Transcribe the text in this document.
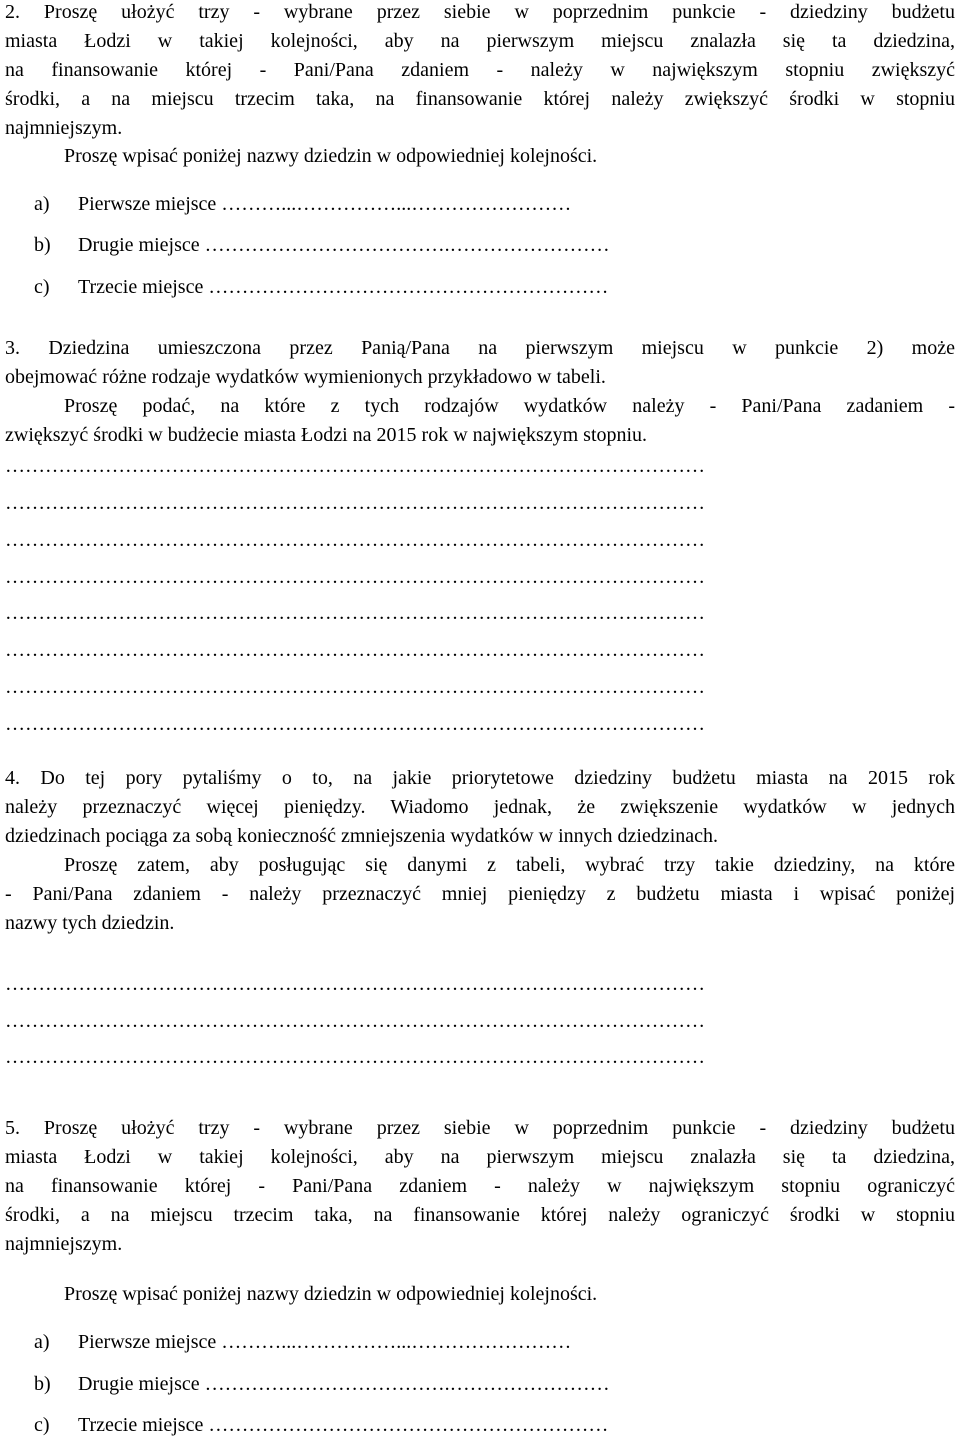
2. Proszę ułożyć trzy - wybrane przez siebie w poprzednim punkcie - dziedziny budżetu
miasta Łodzi w takiej kolejności, aby na pierwszym miejscu znalazła się ta dziedzina,
na finansowanie której - Pani/Pana zdaniem - należy w największym stopniu zwiększyć
środki, a na miejscu trzecim taka, na finansowanie której należy zwiększyć środki w stopniu
najmniejszym.
Proszę wpisać poniżej nazwy dziedzin w odpowiedniej kolejności.
a) Pierwsze miejsce ………...……………...……………………
b) Drugie miejsce ……………………………….……………………
c) Trzecie miejsce ……………………………………………………
3. Dziedzina umieszczona przez Panią/Pana na pierwszym miejscu w punkcie 2) może
obejmować różne rodzaje wydatków wymienionych przykładowo w tabeli.
Proszę podać, na które z tych rodzajów wydatków należy - Pani/Pana zadaniem -
zwiększyć środki w budżecie miasta Łodzi na 2015 rok w największym stopniu.
……………………………………………………………………………………………
……………………………………………………………………………………………
……………………………………………………………………………………………
……………………………………………………………………………………………
……………………………………………………………………………………………
……………………………………………………………………………………………
……………………………………………………………………………………………
……………………………………………………………………………………………
4. Do tej pory pytaliśmy o to, na jakie priorytetowe dziedziny budżetu miasta na 2015 rok
należy przeznaczyć więcej pieniędzy. Wiadomo jednak, że zwiększenie wydatków w jednych
dziedzinach pociąga za sobą konieczność zmniejszenia wydatków w innych dziedzinach.
Proszę zatem, aby posługując się danymi z tabeli, wybrać trzy takie dziedziny, na które
- Pani/Pana zdaniem - należy przeznaczyć mniej pieniędzy z budżetu miasta i wpisać poniżej
nazwy tych dziedzin.
……………………………………………………………………………………………
……………………………………………………………………………………………
……………………………………………………………………………………………
5. Proszę ułożyć trzy - wybrane przez siebie w poprzednim punkcie - dziedziny budżetu
miasta Łodzi w takiej kolejności, aby na pierwszym miejscu znalazła się ta dziedzina,
na finansowanie której - Pani/Pana zdaniem - należy w największym stopniu ograniczyć
środki, a na miejscu trzecim taka, na finansowanie której należy ograniczyć środki w stopniu
najmniejszym.
Proszę wpisać poniżej nazwy dziedzin w odpowiedniej kolejności.
a) Pierwsze miejsce ………...……………...……………………
b) Drugie miejsce ……………………………….……………………
c) Trzecie miejsce ……………………………………………………
